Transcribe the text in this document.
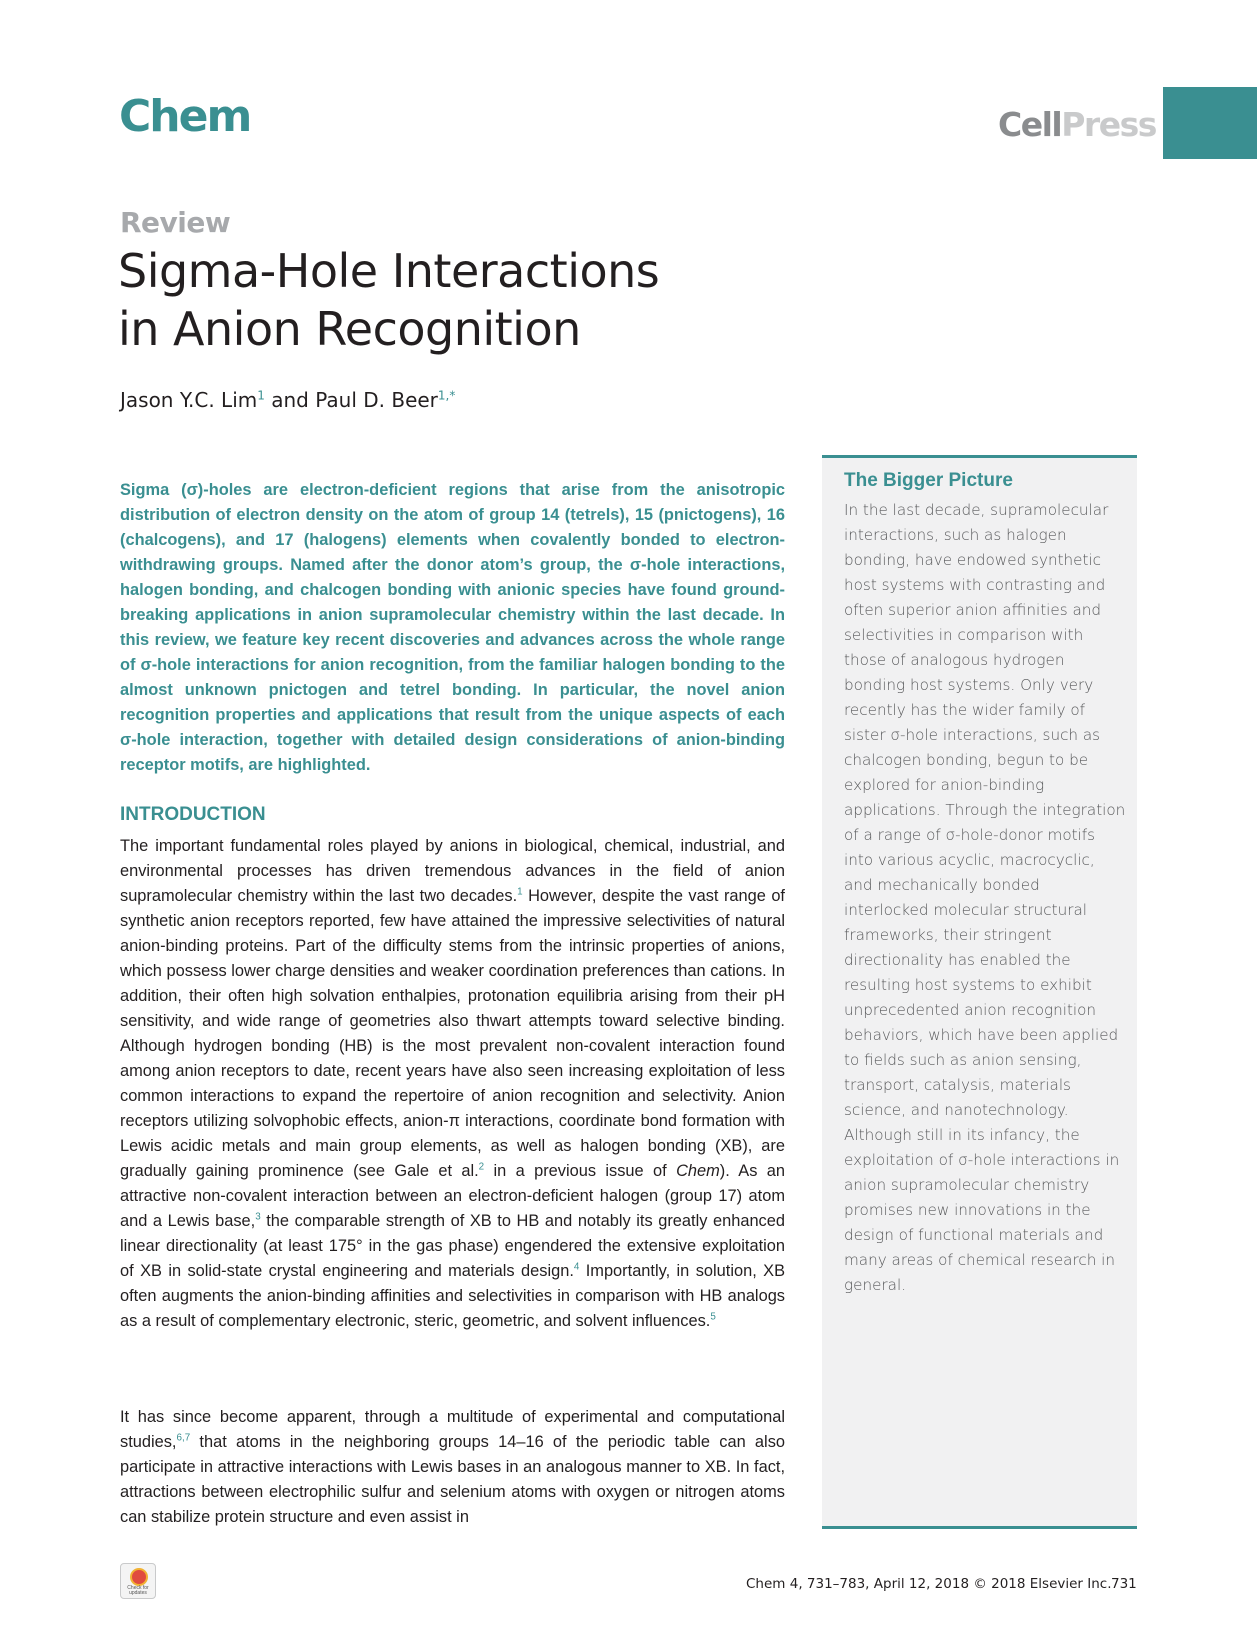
Chem	CellPress
Review
Sigma-Hole Interactions
in Anion Recognition
Jason Y.C. Lim$^1$ and Paul D. Beer$^{1,*}$

Sigma (σ)-holes are electron-deficient regions that arise from the anisotropic distribution of electron density on the atom of group 14 (tetrels), 15 (pnictogens), 16 (chalcogens), and 17 (halogens) elements when covalently bonded to electron-withdrawing groups. Named after the donor atom’s group, the σ-hole interactions, halogen bonding, and chalcogen bonding with anionic species have found ground-breaking applications in anion supramolecular chemistry within the last decade. In this review, we feature key recent discoveries and advances across the whole range of σ-hole interactions for anion recognition, from the familiar halogen bonding to the almost unknown pnictogen and tetrel bonding. In particular, the novel anion recognition properties and applications that result from the unique aspects of each σ-hole interaction, together with detailed design considerations of anion-binding receptor motifs, are highlighted.

INTRODUCTION

The important fundamental roles played by anions in biological, chemical, industrial, and environmental processes has driven tremendous advances in the field of anion supramolecular chemistry within the last two decades.$^1$ However, despite the vast range of synthetic anion receptors reported, few have attained the impressive selectivities of natural anion-binding proteins. Part of the difficulty stems from the intrinsic properties of anions, which possess lower charge densities and weaker coordination preferences than cations. In addition, their often high solvation enthalpies, protonation equilibria arising from their pH sensitivity, and wide range of geometries also thwart attempts toward selective binding. Although hydrogen bonding (HB) is the most prevalent non-covalent interaction found among anion receptors to date, recent years have also seen increasing exploitation of less common interactions to expand the repertoire of anion recognition and selectivity. Anion receptors utilizing solvophobic effects, anion-π interactions, coordinate bond formation with Lewis acidic metals and main group elements, as well as halogen bonding (XB), are gradually gaining prominence (see Gale et al.$^2$ in a previous issue of Chem). As an attractive non-covalent interaction between an electron-deficient halogen (group 17) atom and a Lewis base,$^3$ the comparable strength of XB to HB and notably its greatly enhanced linear directionality (at least 175° in the gas phase) engendered the extensive exploitation of XB in solid-state crystal engineering and materials design.$^4$ Importantly, in solution, XB often augments the anion-binding affinities and selectivities in comparison with HB analogs as a result of complementary electronic, steric, geometric, and solvent influences.$^5$

It has since become apparent, through a multitude of experimental and computational studies,$^{6,7}$ that atoms in the neighboring groups 14–16 of the periodic table can also participate in attractive interactions with Lewis bases in an analogous manner to XB. In fact, attractions between electrophilic sulfur and selenium atoms with oxygen or nitrogen atoms can stabilize protein structure and even assist in

The Bigger Picture

In the last decade, supramolecular interactions, such as halogen bonding, have endowed synthetic host systems with contrasting and often superior anion affinities and selectivities in comparison with those of analogous hydrogen bonding host systems. Only very recently has the wider family of sister σ-hole interactions, such as chalcogen bonding, begun to be explored for anion-binding applications. Through the integration of a range of σ-hole-donor motifs into various acyclic, macrocyclic, and mechanically bonded interlocked molecular structural frameworks, their stringent directionality has enabled the resulting host systems to exhibit unprecedented anion recognition behaviors, which have been applied to fields such as anion sensing, transport, catalysis, materials science, and nanotechnology. Although still in its infancy, the exploitation of σ-hole interactions in anion supramolecular chemistry promises new innovations in the design of functional materials and many areas of chemical research in general.

Check for updates
Chem 4, 731–783, April 12, 2018 © 2018 Elsevier Inc. 731
